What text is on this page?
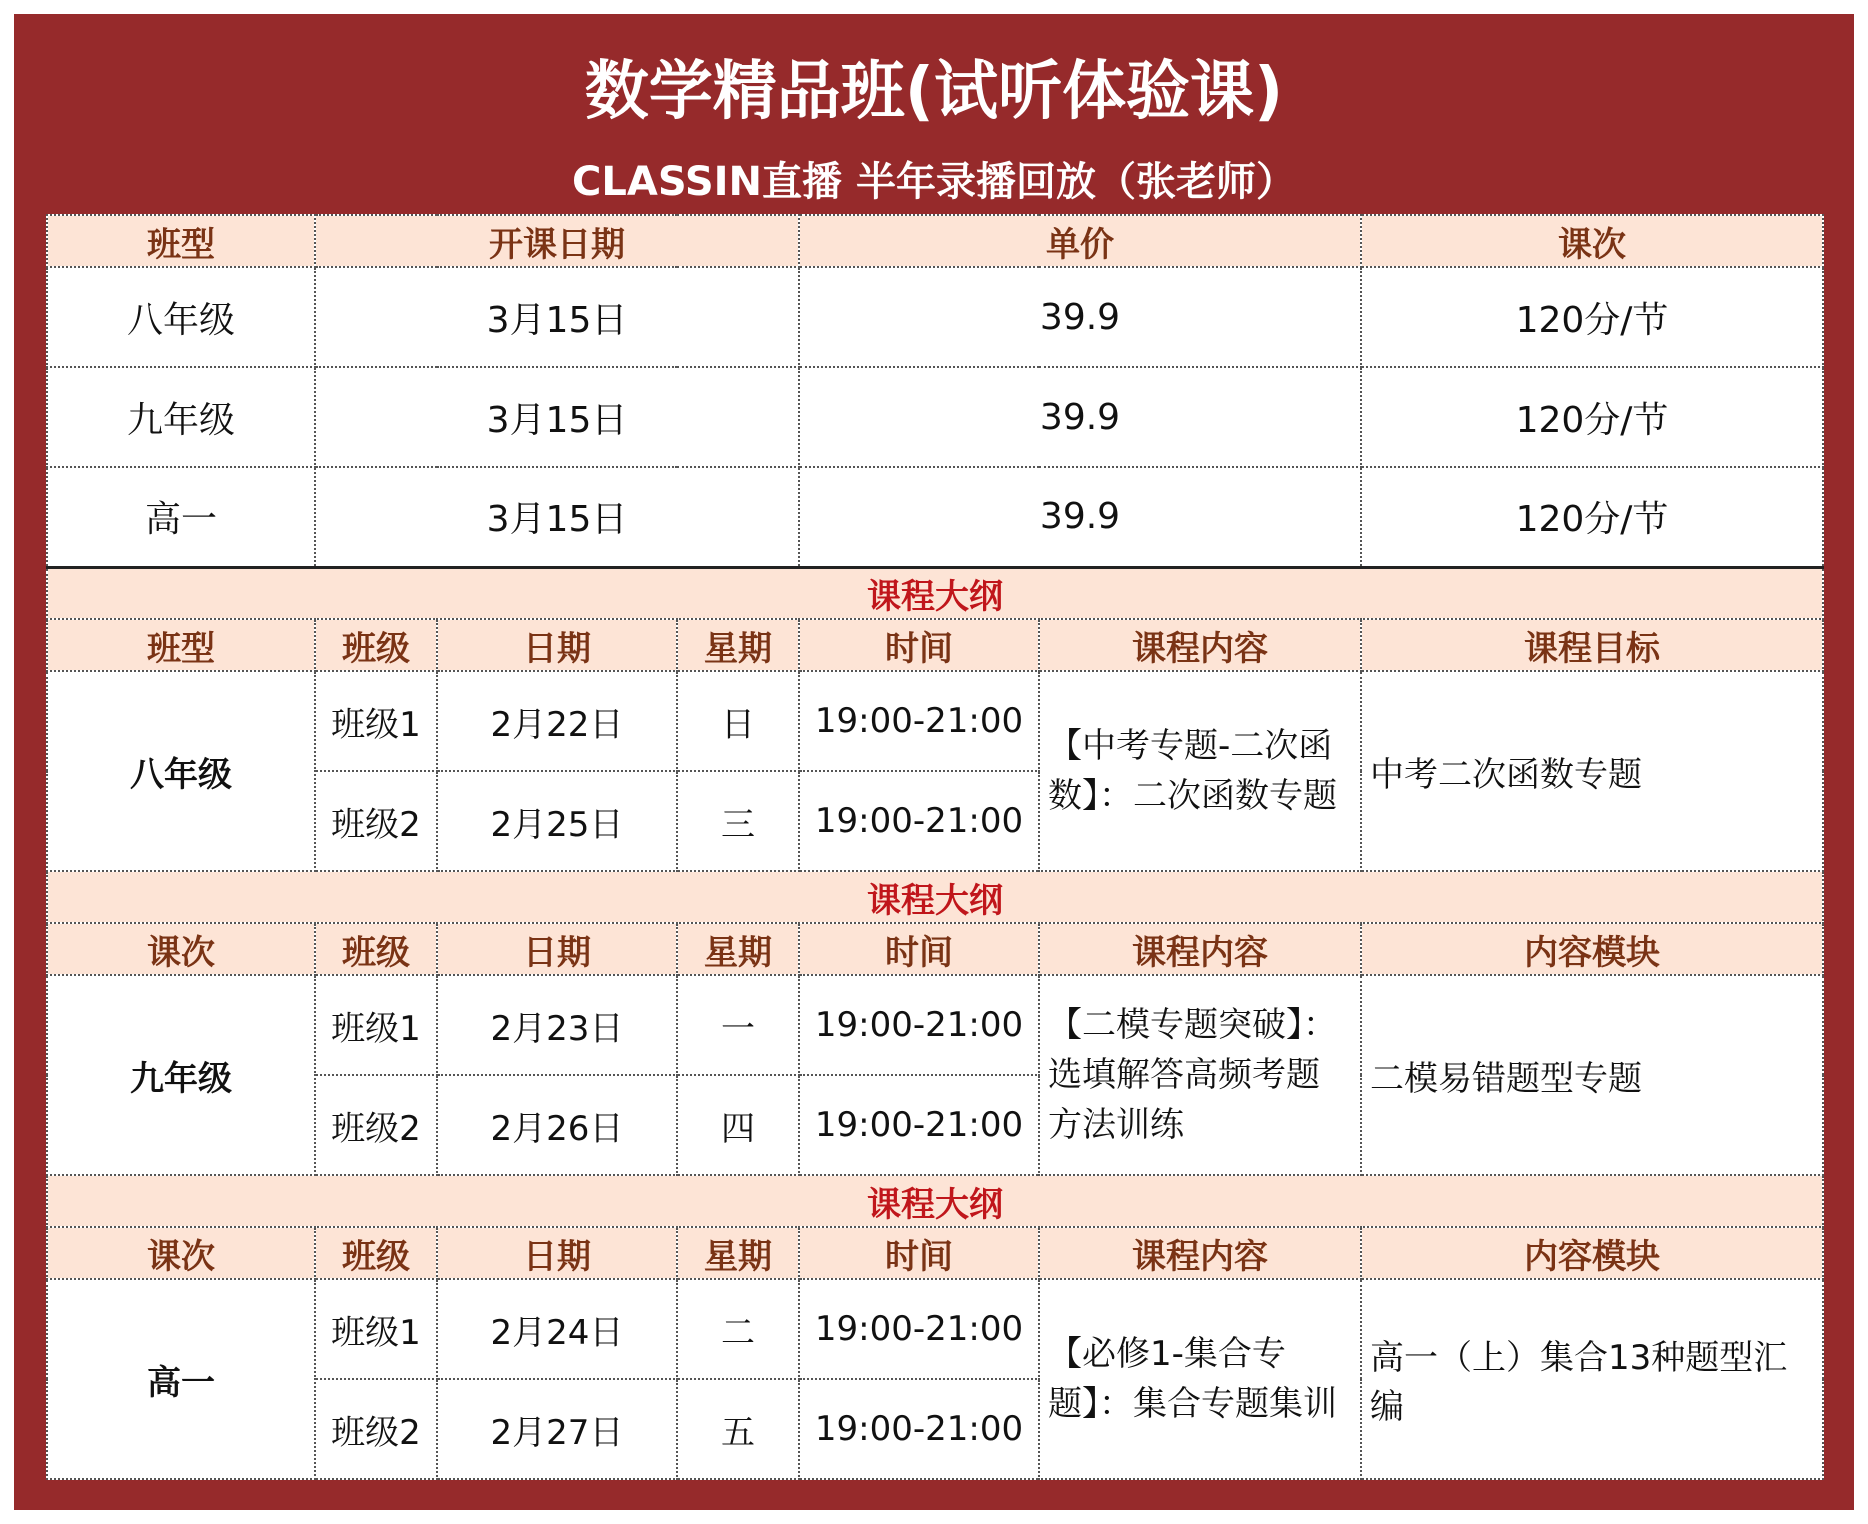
数学精品班(试听体验课)
CLASSIN直播 半年录播回放（张老师）
班型	开课日期			单价		课次
八年级	3月15日			39.9		120分/节
九年级	3月15日			39.9		120分/节
高一	3月15日			39.9		120分/节
课程大纲						
班型	班级	日期	星期	时间	课程内容	课程目标
八年级	班级1	2月22日	日	19:00-21:00	【中考专题-二次函数】：二次函数专题	中考二次函数专题
	班级2	2月25日	三	19:00-21:00		
课程大纲						
课次	班级	日期	星期	时间	课程内容	内容模块
九年级	班级1	2月23日	一	19:00-21:00	【二模专题突破】：选填解答高频考题方法训练	二模易错题型专题
	班级2	2月26日	四	19:00-21:00		
课程大纲						
课次	班级	日期	星期	时间	课程内容	内容模块
高一	班级1	2月24日	二	19:00-21:00	【必修1-集合专题】：集合专题集训	高一（上）集合13种题型汇编
	班级2	2月27日	五	19:00-21:00		
